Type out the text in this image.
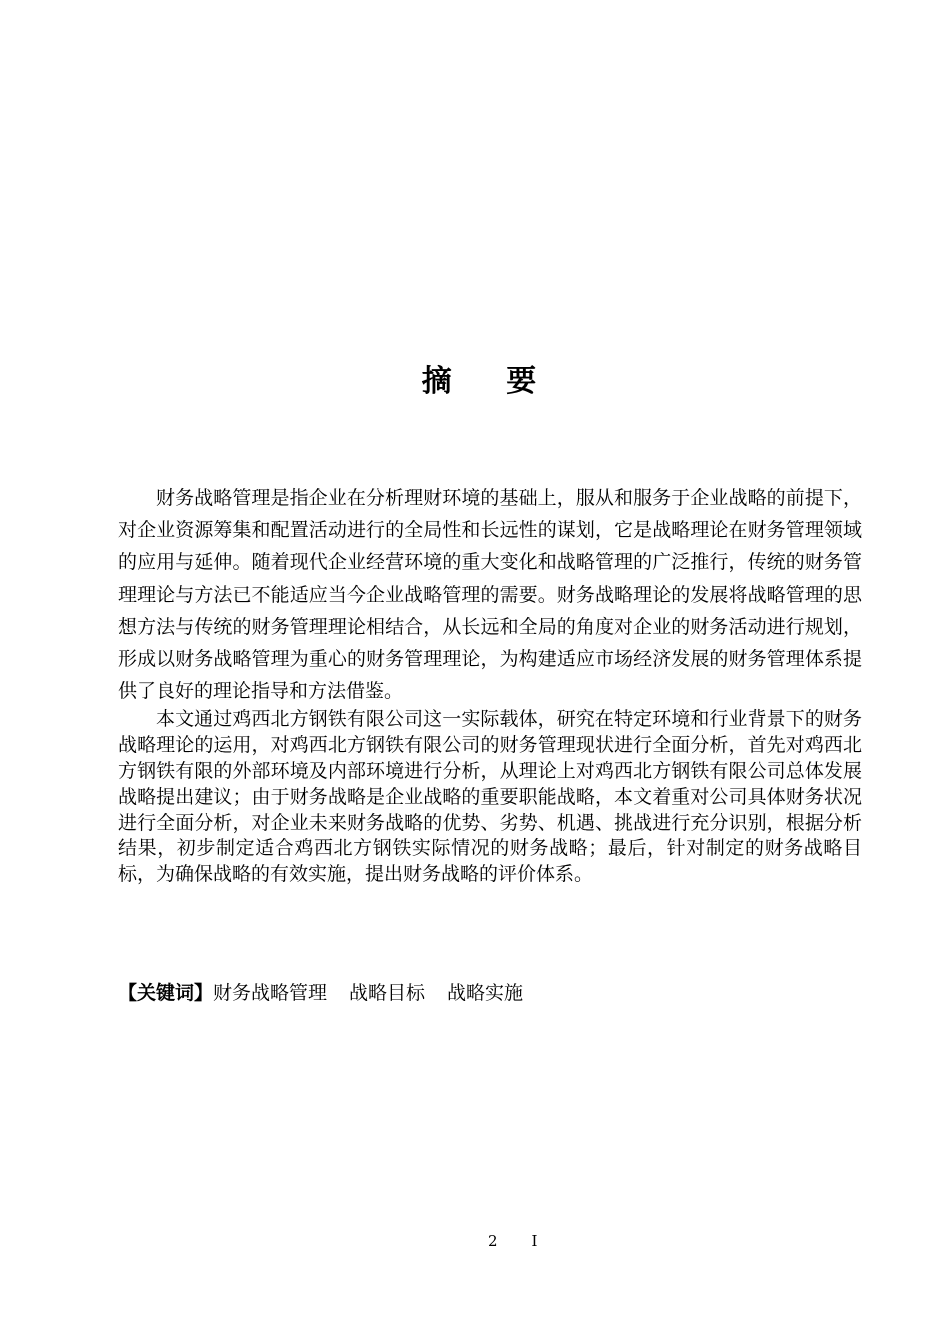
摘 要

财务战略管理是指企业在分析理财环境的基础上，服从和服务于企业战略的前提下，对企业资源筹集和配置活动进行的全局性和长远性的谋划，它是战略理论在财务管理领域的应用与延伸。随着现代企业经营环境的重大变化和战略管理的广泛推行，传统的财务管理理论与方法已不能适应当今企业战略管理的需要。财务战略理论的发展将战略管理的思想方法与传统的财务管理理论相结合，从长远和全局的角度对企业的财务活动进行规划，形成以财务战略管理为重心的财务管理理论，为构建适应市场经济发展的财务管理体系提供了良好的理论指导和方法借鉴。

本文通过鸡西北方钢铁有限公司这一实际载体，研究在特定环境和行业背景下的财务战略理论的运用，对鸡西北方钢铁有限公司的财务管理现状进行全面分析，首先对鸡西北方钢铁有限的外部环境及内部环境进行分析，从理论上对鸡西北方钢铁有限公司总体发展战略提出建议；由于财务战略是企业战略的重要职能战略，本文着重对公司具体财务状况进行全面分析，对企业未来财务战略的优势、劣势、机遇、挑战进行充分识别，根据分析结果，初步制定适合鸡西北方钢铁实际情况的财务战略；最后，针对制定的财务战略目标，为确保战略的有效实施，提出财务战略的评价体系。

【关键词】财务战略管理 战略目标 战略实施
2 I
